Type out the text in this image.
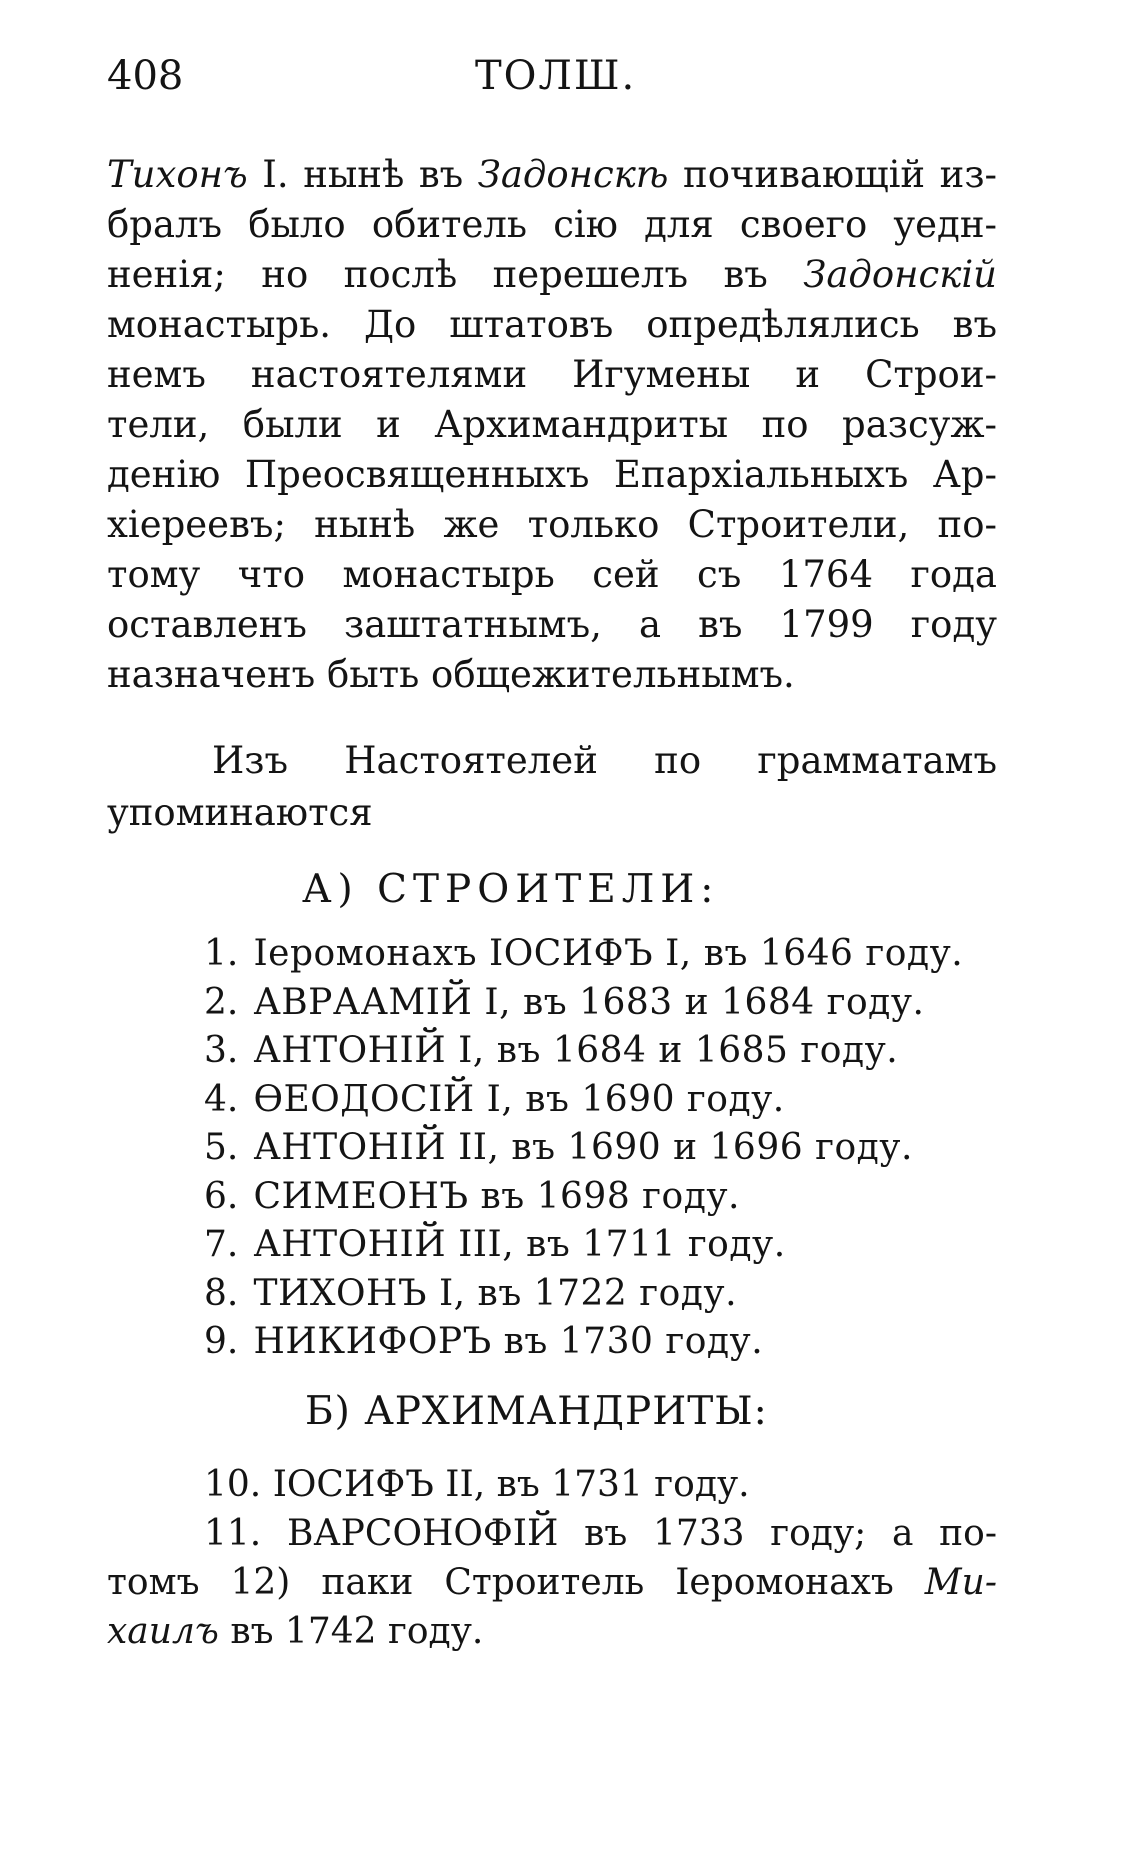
408	ТОЛШ.
Тихонъ I. нынѣ въ Задонскѣ почивающій из-
бралъ было обитель сію для своего уедн-
ненія; но послѣ перешелъ въ Задонскій
монастырь. До штатовъ опредѣлялись въ
немъ настоятелями Игумены и Строи-
тели, были и Архимандриты по разсуж-
денію Преосвященныхъ Епархіальныхъ Ар-
хіереевъ; нынѣ же только Строители, по-
тому что монастырь сей съ 1764 года
оставленъ заштатнымъ, а въ 1799 году
назначенъ быть общежительнымъ.
Изъ Настоятелей по грамматамъ
упоминаются
А) СТРОИТЕЛИ:
1. Іеромонахъ ІОСИФЪ I, въ 1646 году.
2. АВРААМІЙ I, въ 1683 и 1684 году.
3. АНТОНІЙ I, въ 1684 и 1685 году.
4. ѲЕОДОСІЙ I, въ 1690 году.
5. АНТОНІЙ II, въ 1690 и 1696 году.
6. СИМЕОНЪ въ 1698 году.
7. АНТОНІЙ III, въ 1711 году.
8. ТИХОНЪ I, въ 1722 году.
9. НИКИФОРЪ въ 1730 году.
Б) АРХИМАНДРИТЫ:
10. ІОСИФЪ II, въ 1731 году.
11. ВАРСОНОФІЙ въ 1733 году; а по-
томъ 12) паки Строитель Іеромонахъ Ми-
хаилъ въ 1742 году.
